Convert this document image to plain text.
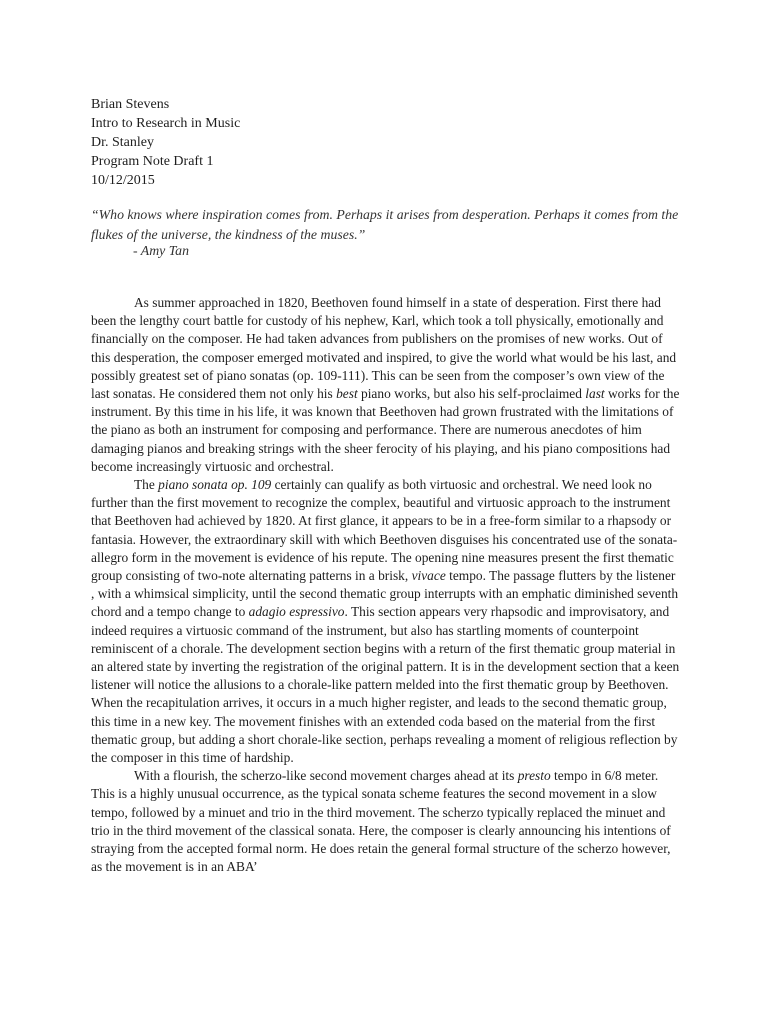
Brian Stevens
Intro to Research in Music
Dr. Stanley
Program Note Draft 1
10/12/2015
“Who knows where inspiration comes from. Perhaps it arises from desperation. Perhaps it comes from the flukes of the universe, the kindness of the muses.”
- Amy Tan

As summer approached in 1820, Beethoven found himself in a state of desperation. First there had been the lengthy court battle for custody of his nephew, Karl, which took a toll physically, emotionally and financially on the composer. He had taken advances from publishers on the promises of new works. Out of this desperation, the composer emerged motivated and inspired, to give the world what would be his last, and possibly greatest set of piano sonatas (op. 109-111). This can be seen from the composer’s own view of the last sonatas. He considered them not only his best piano works, but also his self-proclaimed last works for the instrument. By this time in his life, it was known that Beethoven had grown frustrated with the limitations of the piano as both an instrument for composing and performance. There are numerous anecdotes of him damaging pianos and breaking strings with the sheer ferocity of his playing, and his piano compositions had become increasingly virtuosic and orchestral.

The piano sonata op. 109 certainly can qualify as both virtuosic and orchestral. We need look no further than the first movement to recognize the complex, beautiful and virtuosic approach to the instrument that Beethoven had achieved by 1820. At first glance, it appears to be in a free-form similar to a rhapsody or fantasia. However, the extraordinary skill with which Beethoven disguises his concentrated use of the sonata-allegro form in the movement is evidence of his repute. The opening nine measures present the first thematic group consisting of two-note alternating patterns in a brisk, vivace tempo. The passage flutters by the listener , with a whimsical simplicity, until the second thematic group interrupts with an emphatic diminished seventh chord and a tempo change to adagio espressivo. This section appears very rhapsodic and improvisatory, and indeed requires a virtuosic command of the instrument, but also has startling moments of counterpoint reminiscent of a chorale. The development section begins with a return of the first thematic group material in an altered state by inverting the registration of the original pattern. It is in the development section that a keen listener will notice the allusions to a chorale-like pattern melded into the first thematic group by Beethoven. When the recapitulation arrives, it occurs in a much higher register, and leads to the second thematic group, this time in a new key. The movement finishes with an extended coda based on the material from the first thematic group, but adding a short chorale-like section, perhaps revealing a moment of religious reflection by the composer in this time of hardship.

With a flourish, the scherzo-like second movement charges ahead at its presto tempo in 6/8 meter. This is a highly unusual occurrence, as the typical sonata scheme features the second movement in a slow tempo, followed by a minuet and trio in the third movement. The scherzo typically replaced the minuet and trio in the third movement of the classical sonata. Here, the composer is clearly announcing his intentions of straying from the accepted formal norm. He does retain the general formal structure of the scherzo however, as the movement is in an ABA’
